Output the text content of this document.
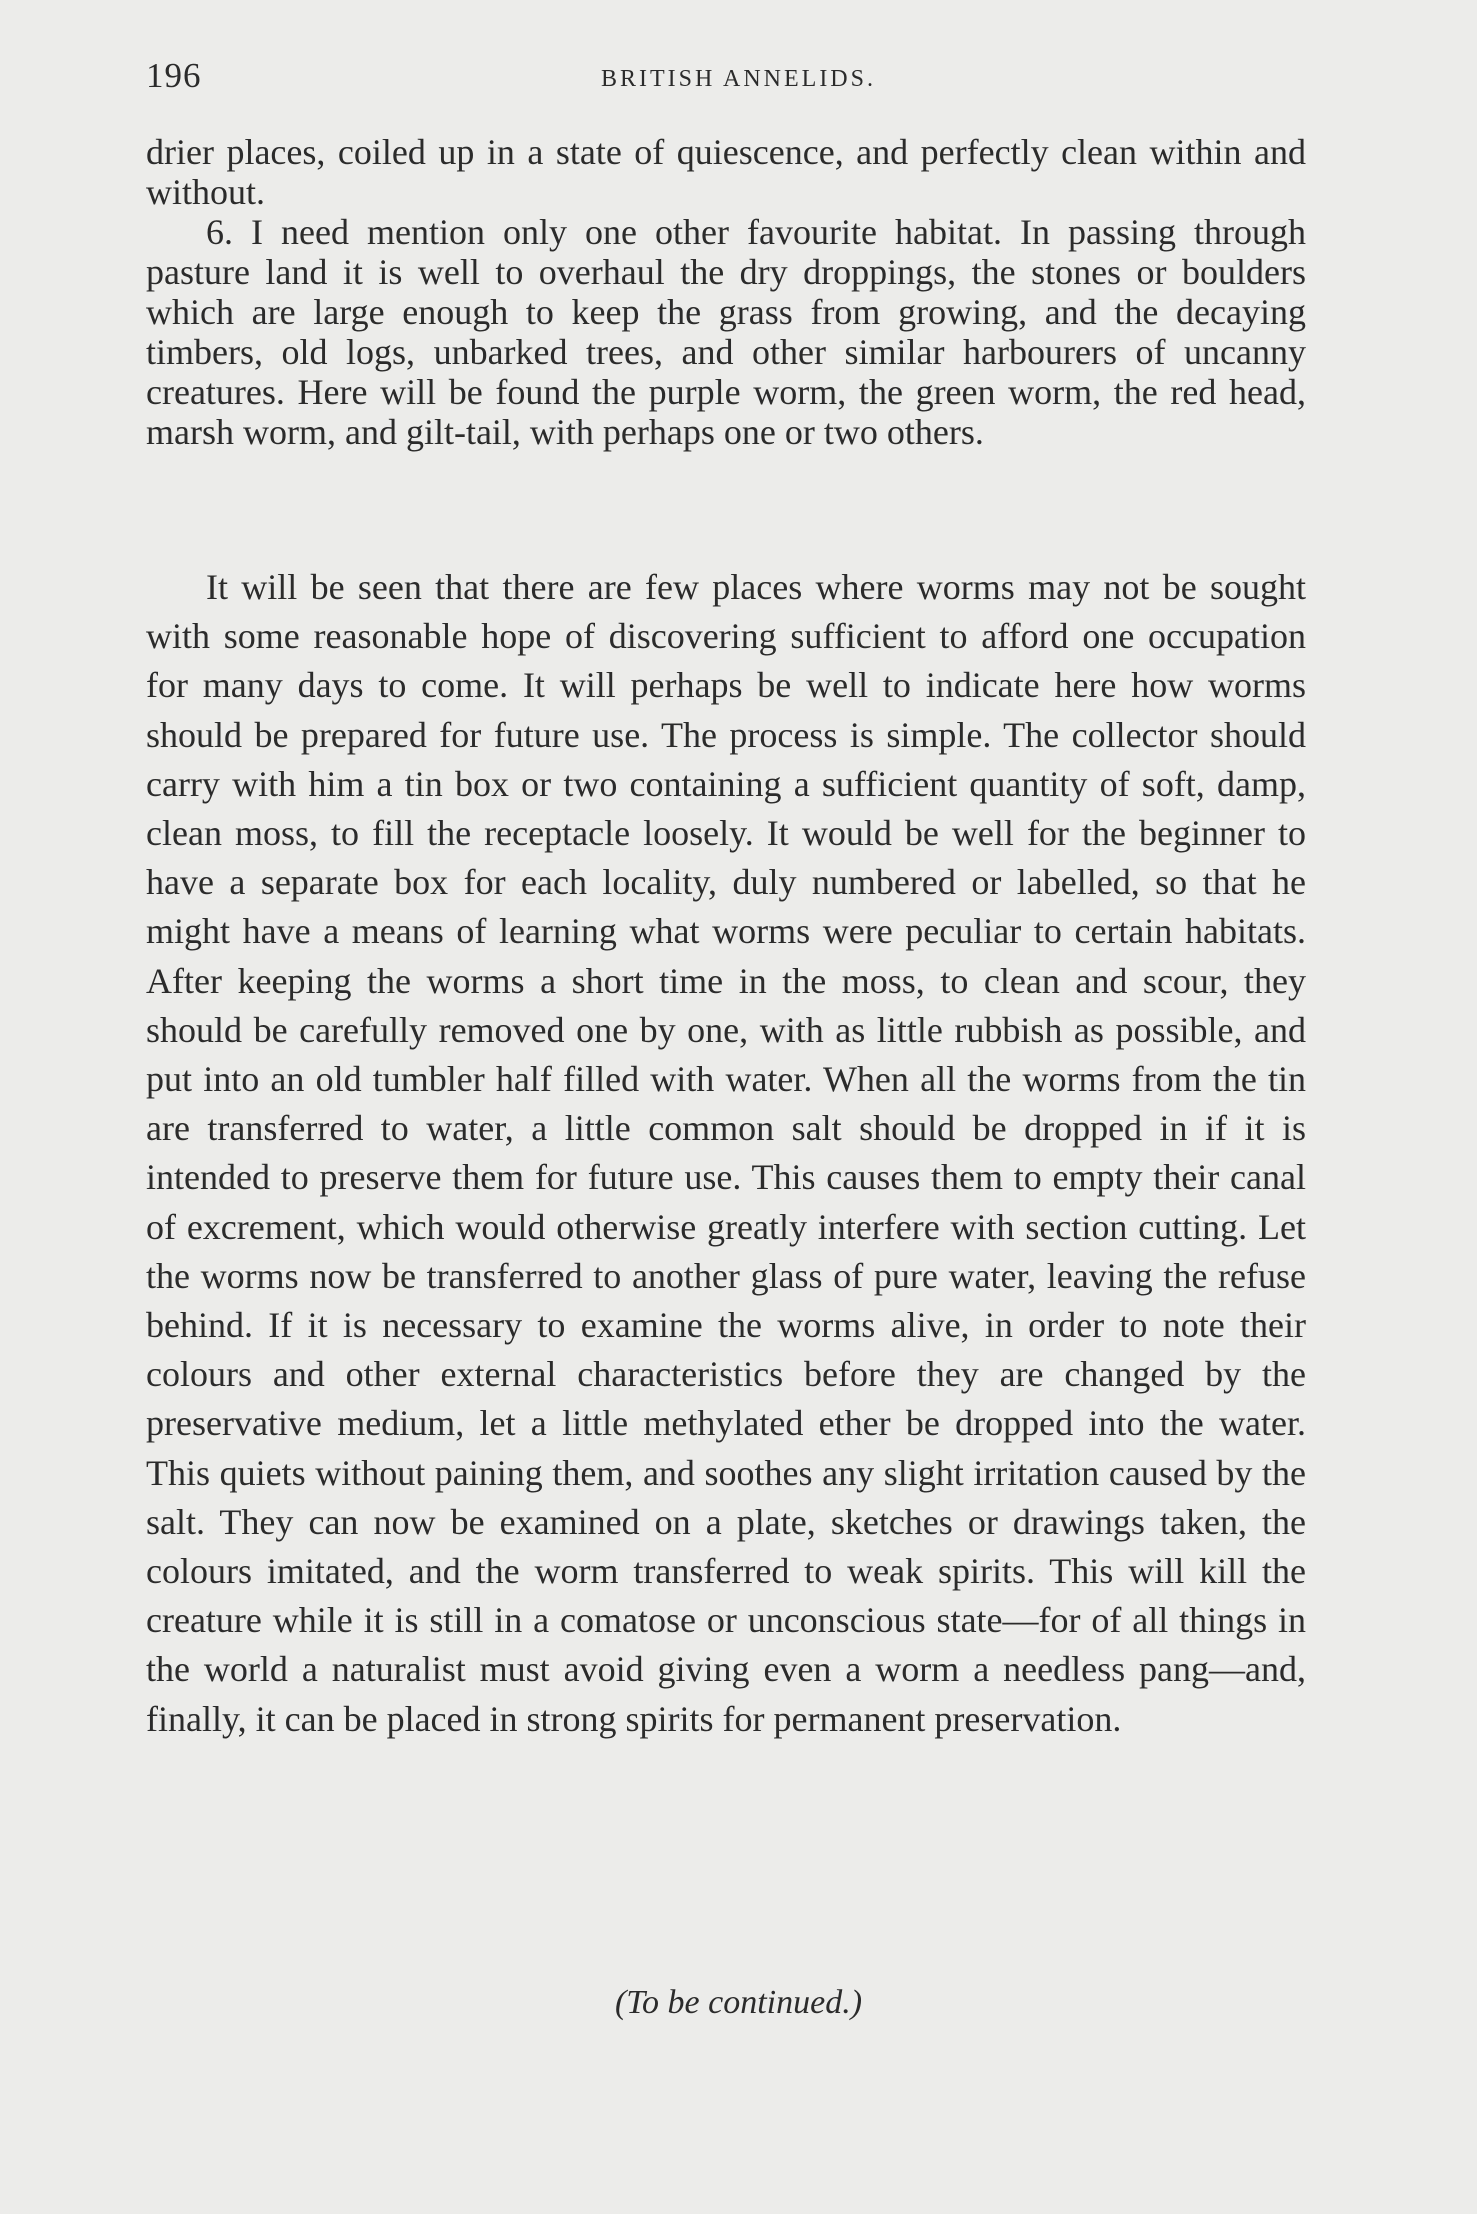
196	BRITISH ANNELIDS.

drier places, coiled up in a state of quiescence, and perfectly clean within and without.

6. I need mention only one other favourite habitat. In passing through pasture land it is well to overhaul the dry droppings, the stones or boulders which are large enough to keep the grass from growing, and the decaying timbers, old logs, unbarked trees, and other similar harbourers of uncanny creatures. Here will be found the purple worm, the green worm, the red head, marsh worm, and gilt-tail, with perhaps one or two others.

It will be seen that there are few places where worms may not be sought with some reasonable hope of discovering sufficient to afford one occupation for many days to come. It will perhaps be well to indicate here how worms should be prepared for future use. The process is simple. The collector should carry with him a tin box or two containing a sufficient quantity of soft, damp, clean moss, to fill the receptacle loosely. It would be well for the beginner to have a separate box for each locality, duly numbered or labelled, so that he might have a means of learning what worms were peculiar to certain habitats. After keeping the worms a short time in the moss, to clean and scour, they should be carefully removed one by one, with as little rubbish as possible, and put into an old tumbler half filled with water. When all the worms from the tin are transferred to water, a little common salt should be dropped in if it is intended to preserve them for future use. This causes them to empty their canal of excrement, which would otherwise greatly interfere with section cutting. Let the worms now be transferred to another glass of pure water, leaving the refuse behind. If it is necessary to examine the worms alive, in order to note their colours and other external characteristics before they are changed by the preservative medium, let a little methylated ether be dropped into the water. This quiets without paining them, and soothes any slight irritation caused by the salt. They can now be examined on a plate, sketches or drawings taken, the colours imitated, and the worm transferred to weak spirits. This will kill the creature while it is still in a comatose or unconscious state—for of all things in the world a naturalist must avoid giving even a worm a needless pang—and, finally, it can be placed in strong spirits for permanent preservation.

(To be continued.)
